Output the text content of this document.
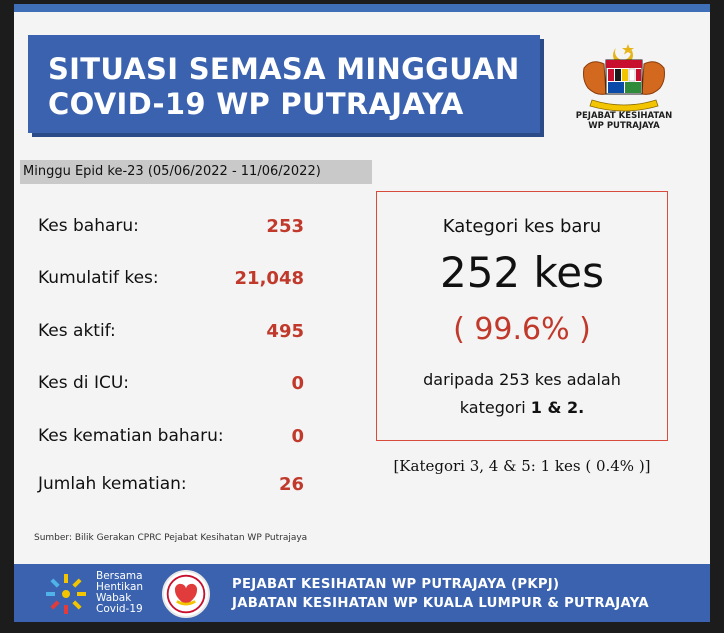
SITUASI SEMASA MINGGUAN
COVID-19 WP PUTRAJAYA	PEJABAT KESIHATAN
WP PUTRAJAYA
Minggu Epid ke-23 (05/06/2022 - 11/06/2022)
Kes baharu:	253
Kumulatif kes:	21,048
Kes aktif:	495
Kes di ICU:	0
Kes kematian baharu:	0
Jumlah kematian:	26
Kategori kes baru
252 kes
( 99.6% )
daripada 253 kes adalah
kategori 1 & 2.
[Kategori 3, 4 & 5: 1 kes ( 0.4% )]
Sumber: Bilik Gerakan CPRC Pejabat Kesihatan WP Putrajaya
Bersama
Hentikan
Wabak
Covid-19
PEJABAT KESIHATAN WP PUTRAJAYA (PKPJ)
JABATAN KESIHATAN WP KUALA LUMPUR & PUTRAJAYA
